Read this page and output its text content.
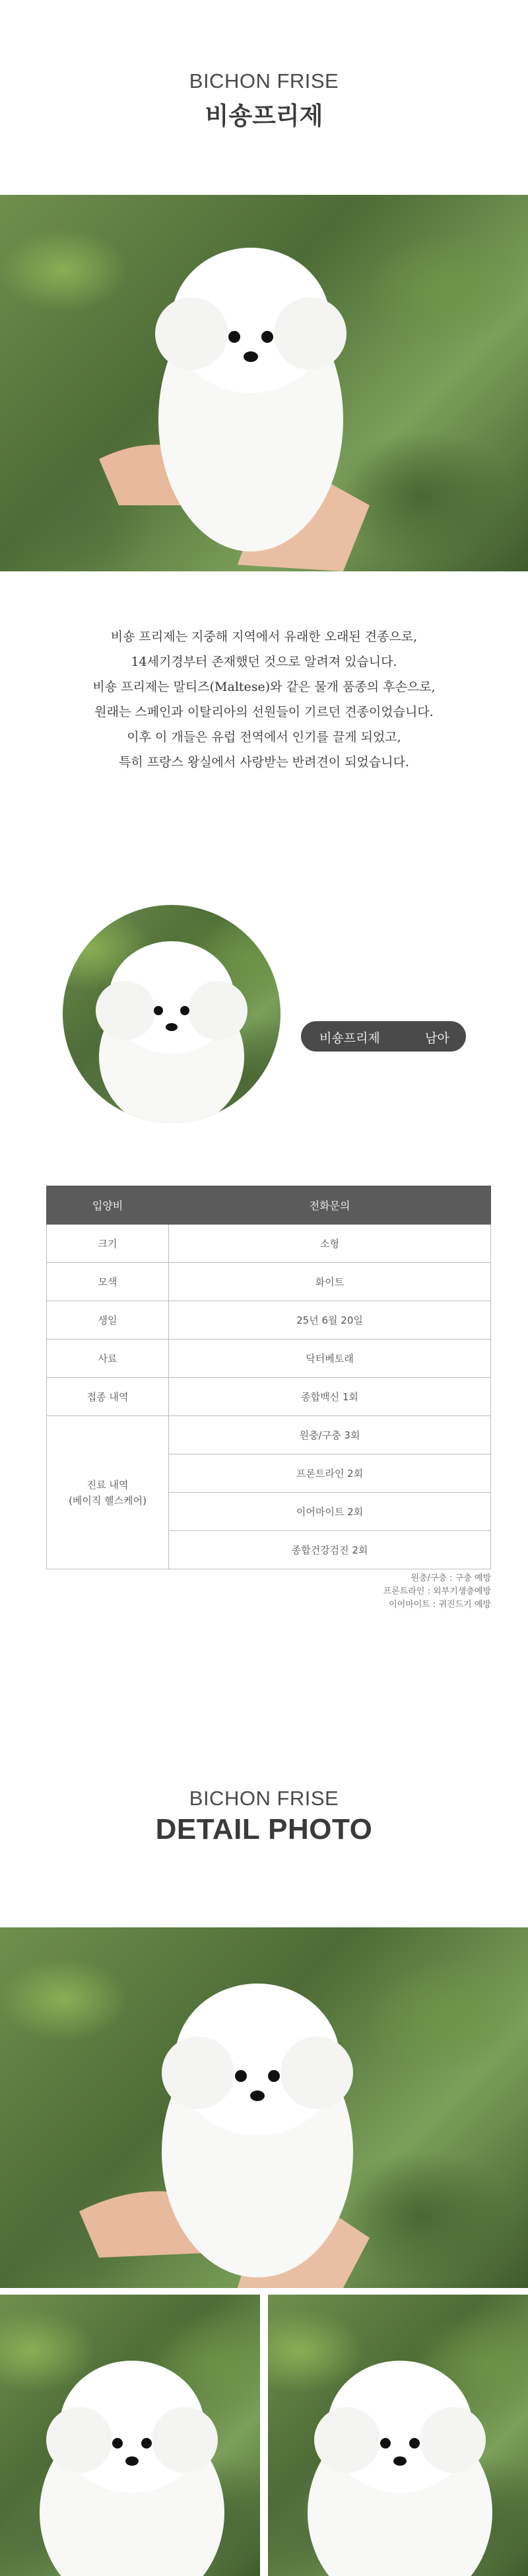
BICHON FRISE
비숑프리제
비숑 프리제는 지중해 지역에서 유래한 오래된 견종으로,
14세기경부터 존재했던 것으로 알려져 있습니다.
비숑 프리제는 말티즈(Maltese)와 같은 물개 품종의 후손으로,
원래는 스페인과 이탈리아의 선원들이 기르던 견종이었습니다.
이후 이 개들은 유럽 전역에서 인기를 끌게 되었고,
특히 프랑스 왕실에서 사랑받는 반려견이 되었습니다.
비숑프리제	남아
입양비	전화문의
크기	소형
모색	화이트
생일	25년 6월 20일
사료	닥터베토래
접종 내역	종합백신 1회

진료 내역
(베이직 헬스케어)	원충/구충 3회
	프론트라인 2회
	이어마이트 2회
	종합건강검진 2회
원충/구충 : 구충 예방
프론트라인 : 외부기생충예방
이어마이트 : 귀진드기 예방
BICHON FRISE
DETAIL PHOTO
